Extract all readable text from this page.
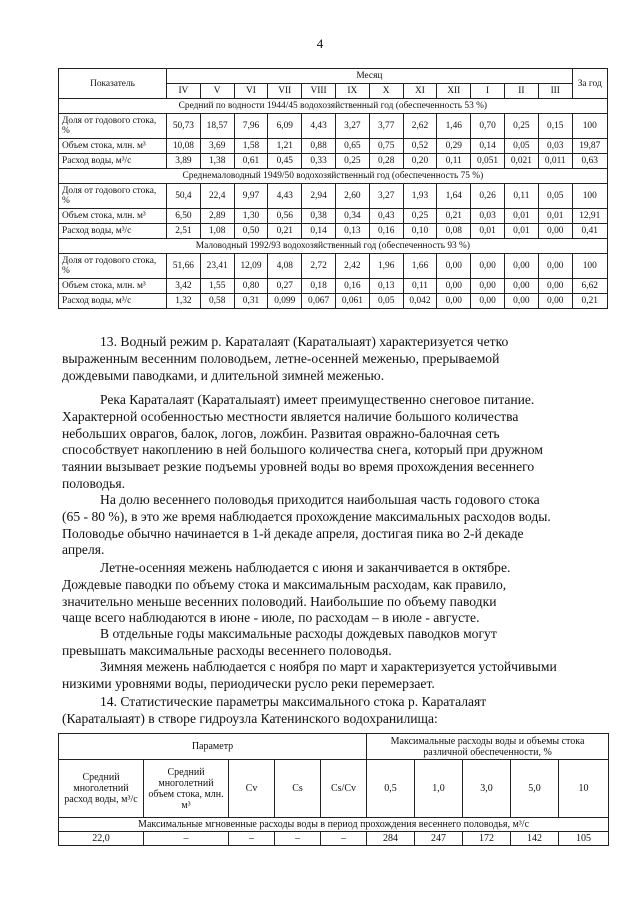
4
Показатель	Месяц												За год
	IV	V	VI	VII	VIII	IX	X	XI	XII	I	II	III	
Средний по водности 1944/45 водохозяйственный год (обеспеченность 53 %)													
Доля от годового стока, %	50,73	18,57	7,96	6,09	4,43	3,27	3,77	2,62	1,46	0,70	0,25	0,15	100
Объем стока, млн. м³	10,08	3,69	1,58	1,21	0,88	0,65	0,75	0,52	0,29	0,14	0,05	0,03	19,87
Расход воды, м³/с	3,89	1,38	0,61	0,45	0,33	0,25	0,28	0,20	0,11	0,051	0,021	0,011	0,63
Среднемаловодный 1949/50 водохозяйственный год (обеспеченность 75 %)													
Доля от годового стока, %	50,4	22,4	9,97	4,43	2,94	2,60	3,27	1,93	1,64	0,26	0,11	0,05	100
Объем стока, млн. м³	6,50	2,89	1,30	0,56	0,38	0,34	0,43	0,25	0,21	0,03	0,01	0,01	12,91
Расход воды, м³/с	2,51	1,08	0,50	0,21	0,14	0,13	0,16	0,10	0,08	0,01	0,01	0,00	0,41
Маловодный 1992/93 водохозяйственный год (обеспеченность 93 %)													
Доля от годового стока, %	51,66	23,41	12,09	4,08	2,72	2,42	1,96	1,66	0,00	0,00	0,00	0,00	100
Объем стока, млн. м³	3,42	1,55	0,80	0,27	0,18	0,16	0,13	0,11	0,00	0,00	0,00	0,00	6,62
Расход воды, м³/с	1,32	0,58	0,31	0,099	0,067	0,061	0,05	0,042	0,00	0,00	0,00	0,00	0,21
13. Водный режим р. Караталаят (Караталыаят) характеризуется четко
выраженным весенним половодьем, летне-осенней меженью, прерываемой
дождевыми паводками, и длительной зимней меженью.
Река Караталаят (Караталыаят) имеет преимущественно снеговое питание.
Характерной особенностью местности является наличие большого количества
небольших оврагов, балок, логов, ложбин. Развитая овражно-балочная сеть
способствует накоплению в ней большого количества снега, который при дружном
таянии вызывает резкие подъемы уровней воды во время прохождения весеннего
половодья.
На долю весеннего половодья приходится наибольшая часть годового стока
(65 - 80 %), в это же время наблюдается прохождение максимальных расходов воды.
Половодье обычно начинается в 1-й декаде апреля, достигая пика во 2-й декаде
апреля.
Летне-осенняя межень наблюдается с июня и заканчивается в октябре.
Дождевые паводки по объему стока и максимальным расходам, как правило,
значительно меньше весенних половодий. Наибольшие по объему паводки
чаще всего наблюдаются в июне - июле, по расходам – в июле - августе.
В отдельные годы максимальные расходы дождевых паводков могут
превышать максимальные расходы весеннего половодья.
Зимняя межень наблюдается с ноября по март и характеризуется устойчивыми
низкими уровнями воды, периодически русло реки перемерзает.
14. Статистические параметры максимального стока р. Караталаят
(Караталыаят) в створе гидроузла Катенинского водохранилища:
Параметр					Максимальные расходы воды и объемы стока различной обеспеченности, %				
Средний многолетний расход воды, м³/с	Средний многолетний объем стока, млн. м³	Cv	Cs	Cs/Cv	0,5	1,0	3,0	5,0	10
Максимальные мгновенные расходы воды в период прохождения весеннего половодья, м³/с									
22,0	–	–	–	–	284	247	172	142	105
